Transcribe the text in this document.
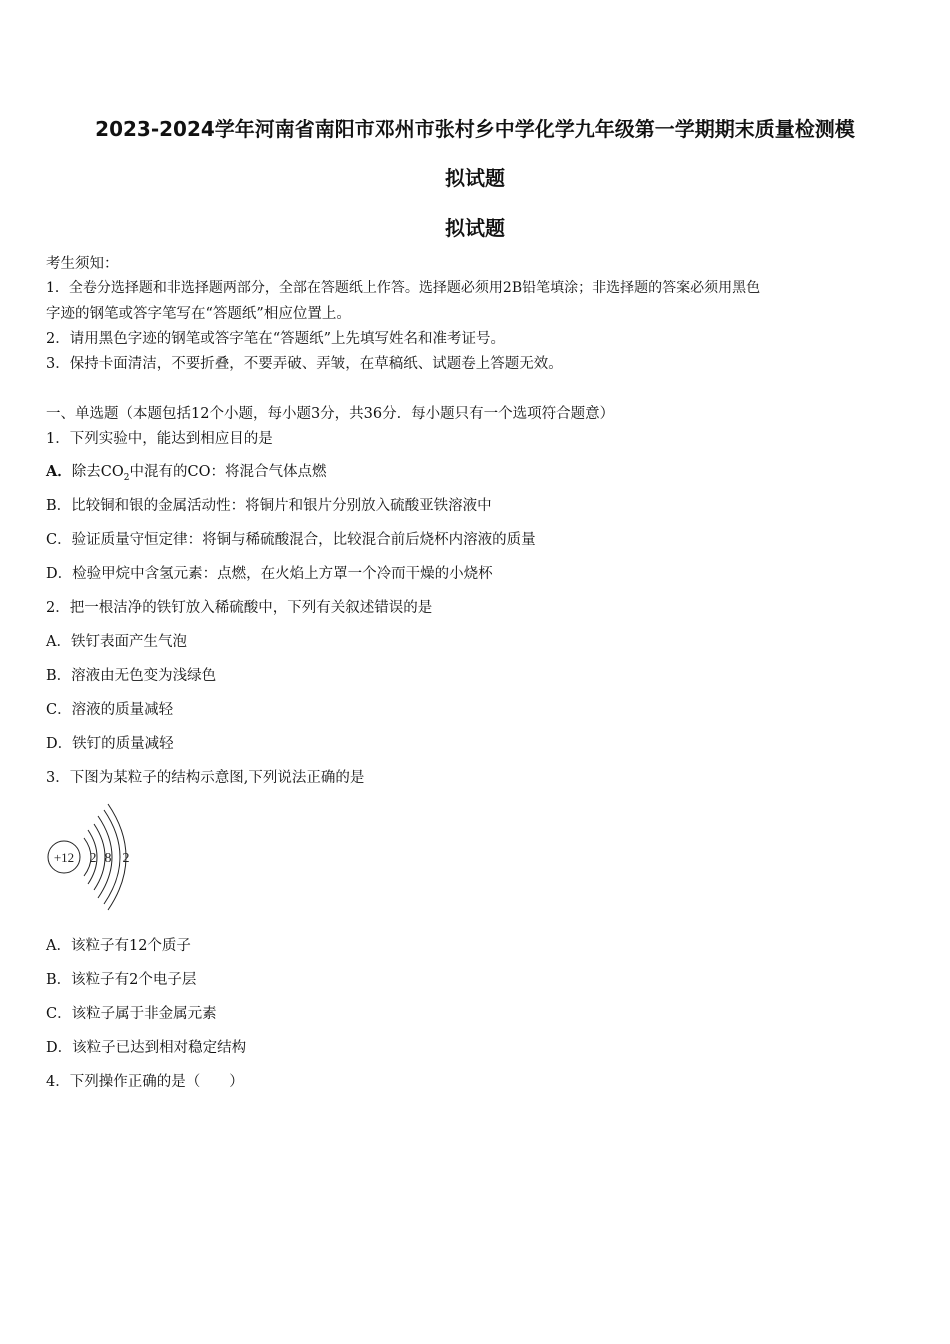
2023-2024学年河南省南阳市邓州市张村乡中学化学九年级第一学期期末质量检测模
拟试题
拟试题
考生须知：
1．全卷分选择题和非选择题两部分，全部在答题纸上作答。选择题必须用2B铅笔填涂；非选择题的答案必须用黑色
字迹的钢笔或答字笔写在“答题纸”相应位置上。
2．请用黑色字迹的钢笔或答字笔在“答题纸”上先填写姓名和准考证号。
3．保持卡面清洁，不要折叠，不要弄破、弄皱，在草稿纸、试题卷上答题无效。
一、单选题（本题包括12个小题，每小题3分，共36分．每小题只有一个选项符合题意）
1．下列实验中，能达到相应目的是
A．除去$CO_2$中混有的CO：将混合气体点燃
B．比较铜和银的金属活动性：将铜片和银片分别放入硫酸亚铁溶液中
C．验证质量守恒定律：将铜与稀硫酸混合，比较混合前后烧杯内溶液的质量
D．检验甲烷中含氢元素：点燃，在火焰上方罩一个冷而干燥的小烧杯
2．把一根洁净的铁钉放入稀硫酸中，下列有关叙述错误的是
A．铁钉表面产生气泡
B．溶液由无色变为浅绿色
C．溶液的质量减轻
D．铁钉的质量减轻
3．下图为某粒子的结构示意图,下列说法正确的是
+12 2 8 2
A．该粒子有12个质子
B．该粒子有2个电子层
C．该粒子属于非金属元素
D．该粒子已达到相对稳定结构
4．下列操作正确的是（　　）
